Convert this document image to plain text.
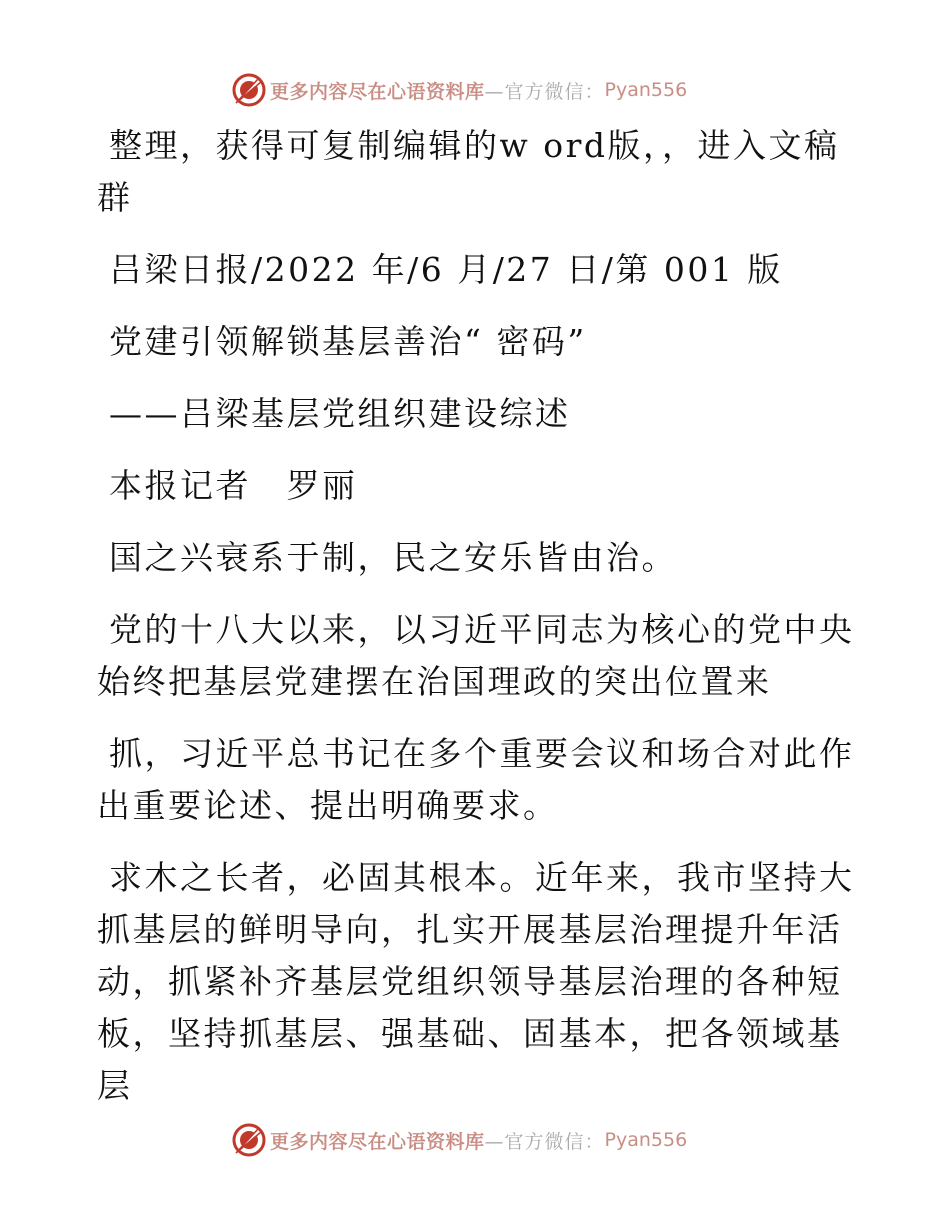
更多内容尽在心语资料库 —官方微信： Pyan556

整理，获得可复制编辑的w ord版，，进入文稿群

吕梁日报/2022 年/6 月/27 日/第 001 版

党建引领解锁基层善治“ 密码”

——吕梁基层党组织建设综述

本报记者　罗丽

国之兴衰系于制，民之安乐皆由治。

党的十八大以来，以习近平同志为核心的党中央始终把基层党建摆在治国理政的突出位置来

抓，习近平总书记在多个重要会议和场合对此作出重要论述、提出明确要求。

求木之长者，必固其根本。近年来，我市坚持大抓基层的鲜明导向，扎实开展基层治理提升年活动，抓紧补齐基层党组织领导基层治理的各种短板，坚持抓基层、强基础、固基本，把各领域基层

更多内容尽在心语资料库 —官方微信： Pyan556
